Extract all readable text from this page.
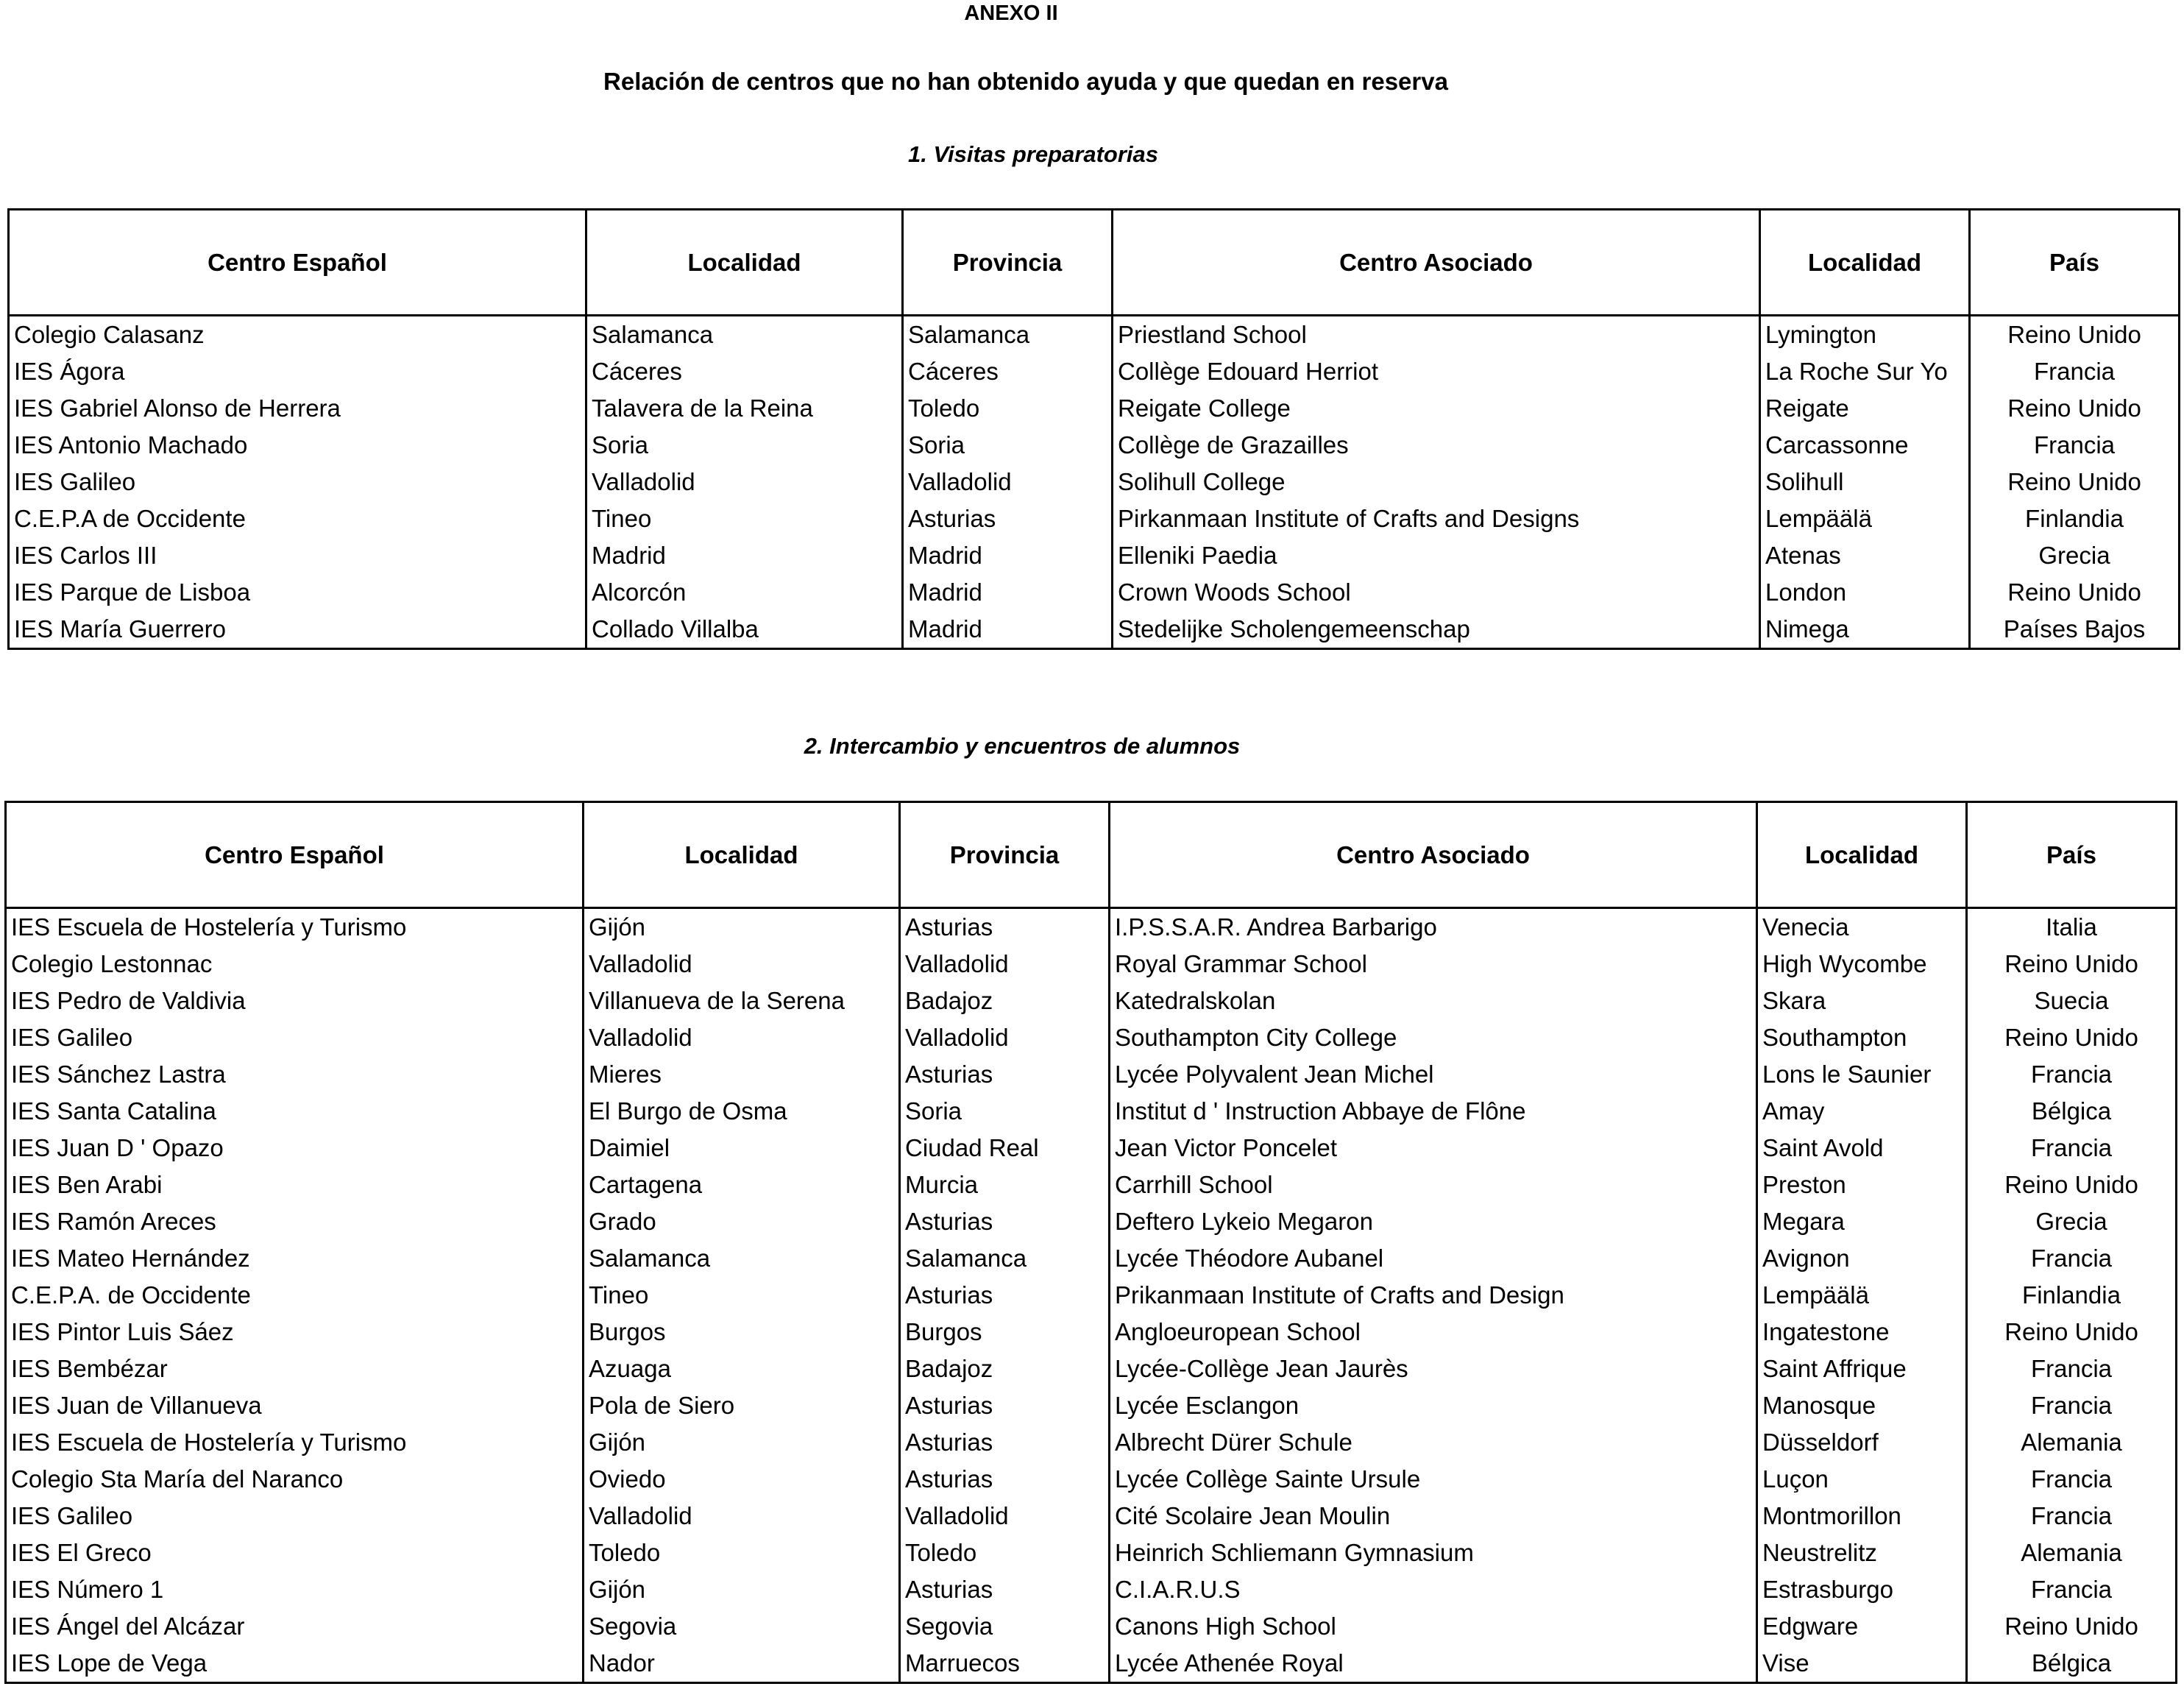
ANEXO II
Relación de centros que no han obtenido ayuda y que quedan en reserva
1. Visitas preparatorias
Centro Español	Localidad	Provincia	Centro Asociado	Localidad	País
Colegio Calasanz	Salamanca	Salamanca	Priestland School	Lymington	Reino Unido
IES Ágora	Cáceres	Cáceres	Collège Edouard Herriot	La Roche Sur Yo	Francia
IES Gabriel Alonso de Herrera	Talavera de la Reina	Toledo	Reigate College	Reigate	Reino Unido
IES Antonio Machado	Soria	Soria	Collège de Grazailles	Carcassonne	Francia
IES Galileo	Valladolid	Valladolid	Solihull College	Solihull	Reino Unido
C.E.P.A de Occidente	Tineo	Asturias	Pirkanmaan Institute of Crafts and Designs	Lempäälä	Finlandia
IES Carlos III	Madrid	Madrid	Elleniki Paedia	Atenas	Grecia
IES Parque de Lisboa	Alcorcón	Madrid	Crown Woods School	London	Reino Unido
IES María Guerrero	Collado Villalba	Madrid	Stedelijke Scholengemeenschap	Nimega	Países Bajos
2. Intercambio y encuentros de alumnos
Centro Español	Localidad	Provincia	Centro Asociado	Localidad	País
IES Escuela de Hostelería y Turismo	Gijón	Asturias	I.P.S.S.A.R. Andrea Barbarigo	Venecia	Italia
Colegio Lestonnac	Valladolid	Valladolid	Royal Grammar School	High Wycombe	Reino Unido
IES Pedro de Valdivia	Villanueva de la Serena	Badajoz	Katedralskolan	Skara	Suecia
IES Galileo	Valladolid	Valladolid	Southampton City College	Southampton	Reino Unido
IES Sánchez Lastra	Mieres	Asturias	Lycée Polyvalent Jean Michel	Lons le Saunier	Francia
IES Santa Catalina	El Burgo de Osma	Soria	Institut d ' Instruction Abbaye de Flône	Amay	Bélgica
IES Juan D ' Opazo	Daimiel	Ciudad Real	Jean Victor Poncelet	Saint Avold	Francia
IES Ben Arabi	Cartagena	Murcia	Carrhill School	Preston	Reino Unido
IES Ramón Areces	Grado	Asturias	Deftero Lykeio Megaron	Megara	Grecia
IES Mateo Hernández	Salamanca	Salamanca	Lycée Théodore Aubanel	Avignon	Francia
C.E.P.A. de Occidente	Tineo	Asturias	Prikanmaan Institute of Crafts and Design	Lempäälä	Finlandia
IES Pintor Luis Sáez	Burgos	Burgos	Angloeuropean School	Ingatestone	Reino Unido
IES Bembézar	Azuaga	Badajoz	Lycée-Collège Jean Jaurès	Saint Affrique	Francia
IES Juan de Villanueva	Pola de Siero	Asturias	Lycée Esclangon	Manosque	Francia
IES Escuela de Hostelería y Turismo	Gijón	Asturias	Albrecht Dürer Schule	Düsseldorf	Alemania
Colegio Sta María del Naranco	Oviedo	Asturias	Lycée Collège Sainte Ursule	Luçon	Francia
IES Galileo	Valladolid	Valladolid	Cité Scolaire Jean Moulin	Montmorillon	Francia
IES El Greco	Toledo	Toledo	Heinrich Schliemann Gymnasium	Neustrelitz	Alemania
IES Número 1	Gijón	Asturias	C.I.A.R.U.S	Estrasburgo	Francia
IES Ángel del Alcázar	Segovia	Segovia	Canons High School	Edgware	Reino Unido
IES Lope de Vega	Nador	Marruecos	Lycée Athenée Royal	Vise	Bélgica
